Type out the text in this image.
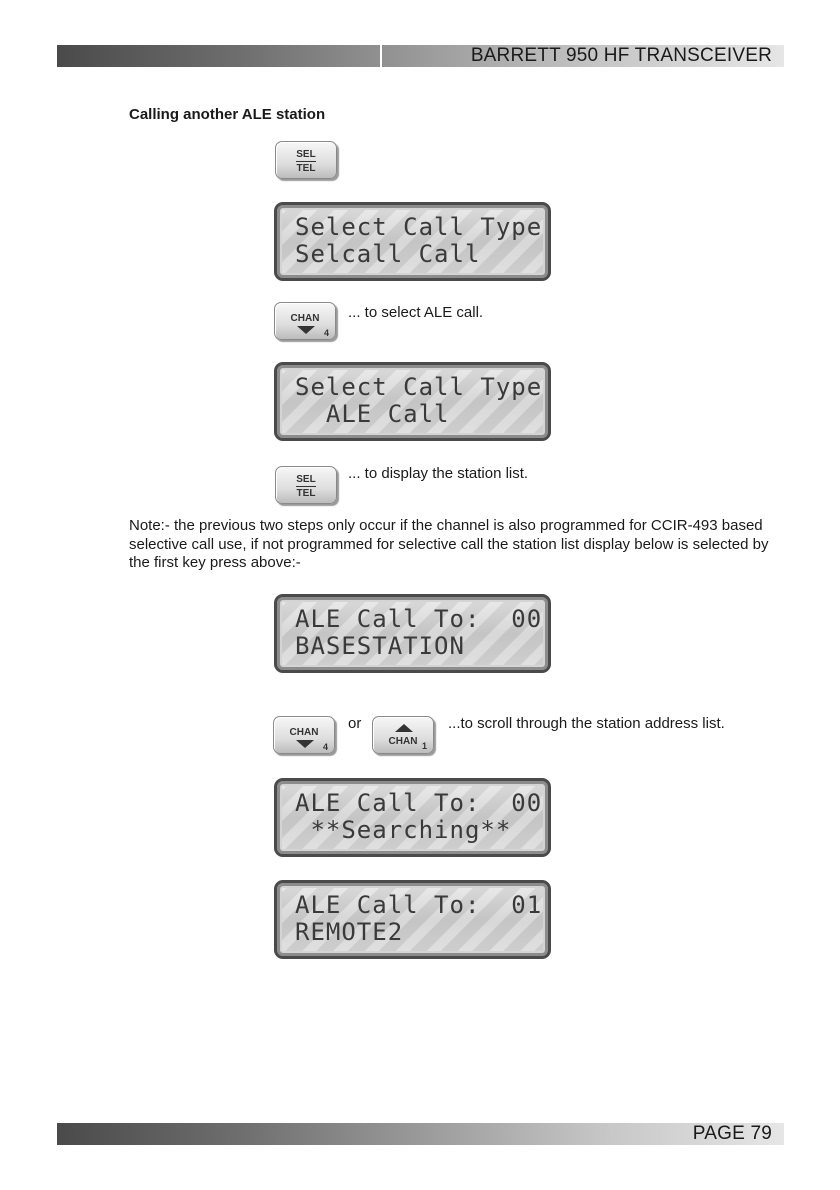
BARRETT 950 HF TRANSCEIVER
Calling another ALE station
SEL
TEL
Select Call Type
Selcall Call
CHAN
4
... to select ALE call.
Select Call Type
ALE Call
SEL
TEL
... to display the station list.

Note:- the previous two steps only occur if the channel is also programmed for CCIR-493 based selective call use, if not programmed for selective call the station list display below is selected by the first key press above:-

ALE Call To:  00
BASESTATION
CHAN
4
or
CHAN 1
...to scroll through the station address list.
ALE Call To:  00
**Searching**
ALE Call To:  01
REMOTE2
PAGE 79
